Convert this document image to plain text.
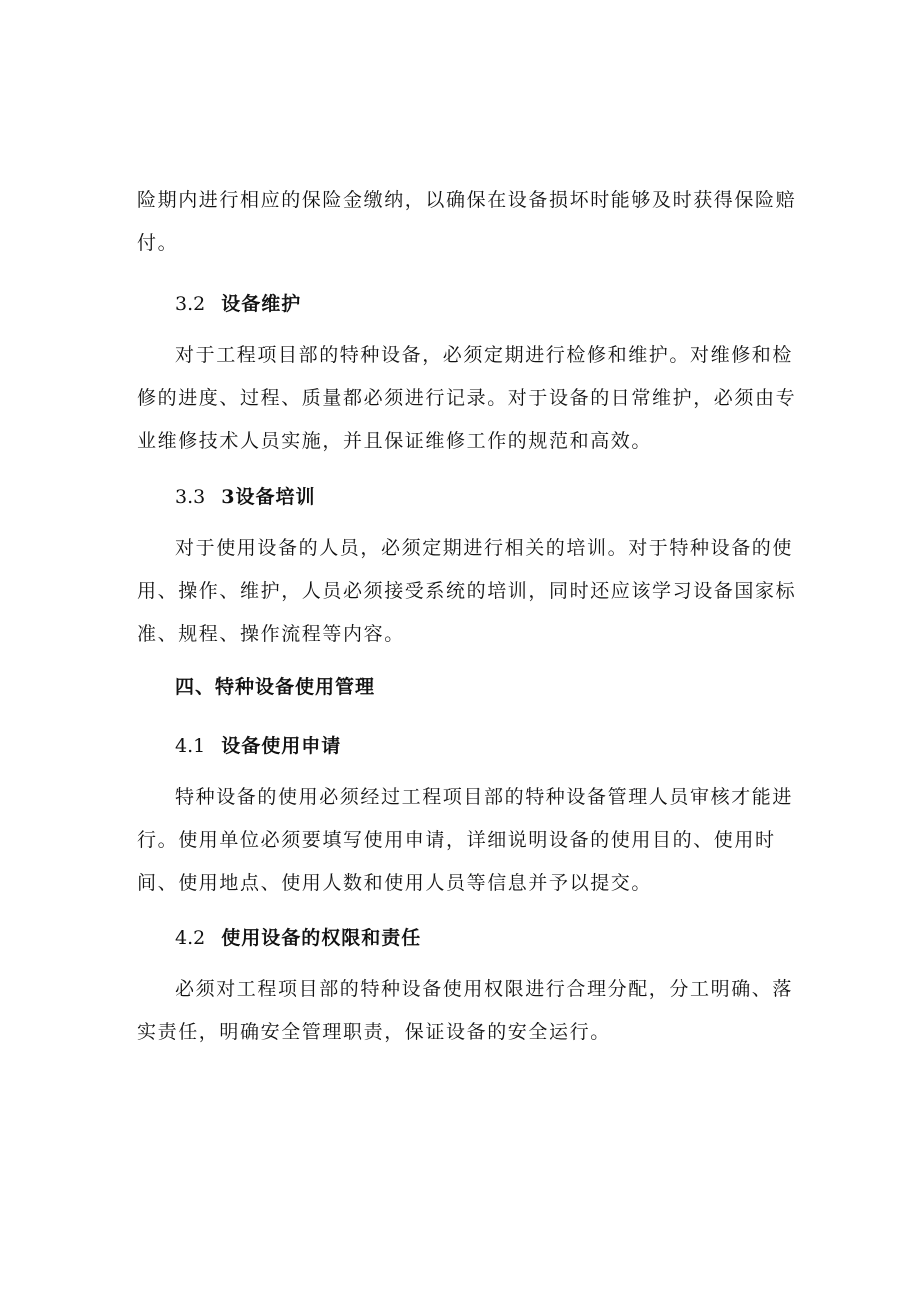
险期内进行相应的保险金缴纳，以确保在设备损坏时能够及时获得保险赔
付。
3.2 设备维护
对于工程项目部的特种设备，必须定期进行检修和维护。对维修和检
修的进度、过程、质量都必须进行记录。对于设备的日常维护，必须由专
业维修技术人员实施，并且保证维修工作的规范和高效。
3.3 3设备培训
对于使用设备的人员，必须定期进行相关的培训。对于特种设备的使
用、操作、维护，人员必须接受系统的培训，同时还应该学习设备国家标
准、规程、操作流程等内容。
四、特种设备使用管理
4.1 设备使用申请
特种设备的使用必须经过工程项目部的特种设备管理人员审核才能进
行。使用单位必须要填写使用申请，详细说明设备的使用目的、使用时
间、使用地点、使用人数和使用人员等信息并予以提交。
4.2 使用设备的权限和责任
必须对工程项目部的特种设备使用权限进行合理分配，分工明确、落
实责任，明确安全管理职责，保证设备的安全运行。
